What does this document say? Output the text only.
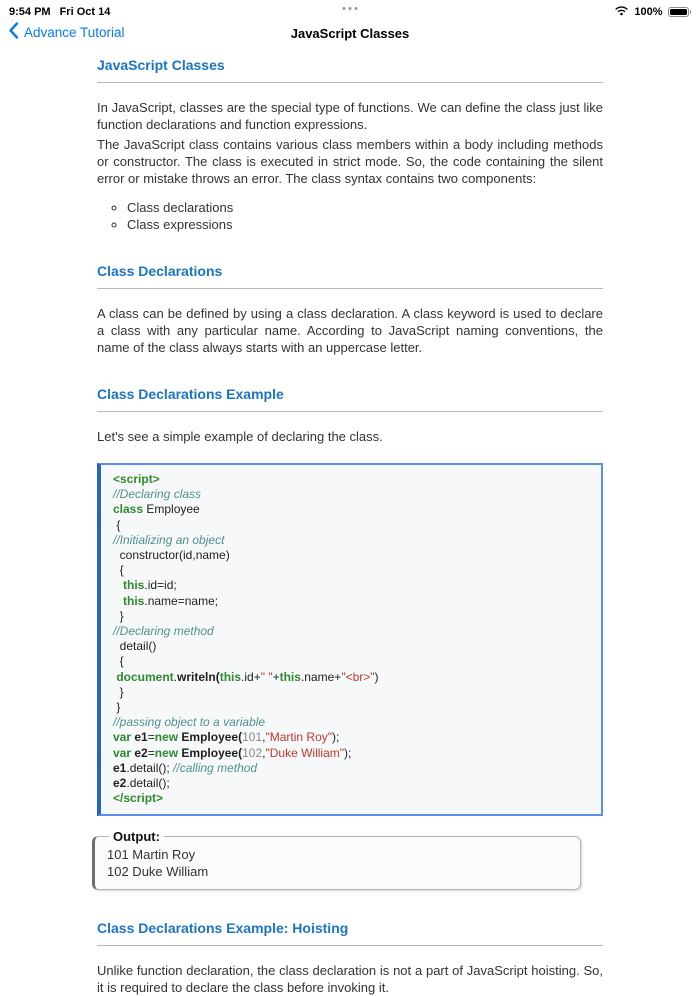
9:54 PM Fri Oct 14	100%
Advance Tutorial	JavaScript Classes
JavaScript Classes

In JavaScript, classes are the special type of functions. We can define the class just like function declarations and function expressions.

The JavaScript class contains various class members within a body including methods or constructor. The class is executed in strict mode. So, the code containing the silent error or mistake throws an error. The class syntax contains two components:

◦ Class declarations
◦ Class expressions
Class Declarations

A class can be defined by using a class declaration. A class keyword is used to declare a class with any particular name. According to JavaScript naming conventions, the name of the class always starts with an uppercase letter.

Class Declarations Example

Let's see a simple example of declaring the class.

<script>
//Declaring class
class Employee
{
//Initializing an object
constructor(id,name)
{
this.id=id;
this.name=name;
}
//Declaring method
detail()
{
document.writeln(this.id+" "+this.name+"<br>")
}
}
//passing object to a variable
var e1=new Employee(101,"Martin Roy");
var e2=new Employee(102,"Duke William");
e1.detail(); //calling method
e2.detail();
</script>
Output:
101 Martin Roy
102 Duke William
Class Declarations Example: Hoisting

Unlike function declaration, the class declaration is not a part of JavaScript hoisting. So, it is required to declare the class before invoking it.
